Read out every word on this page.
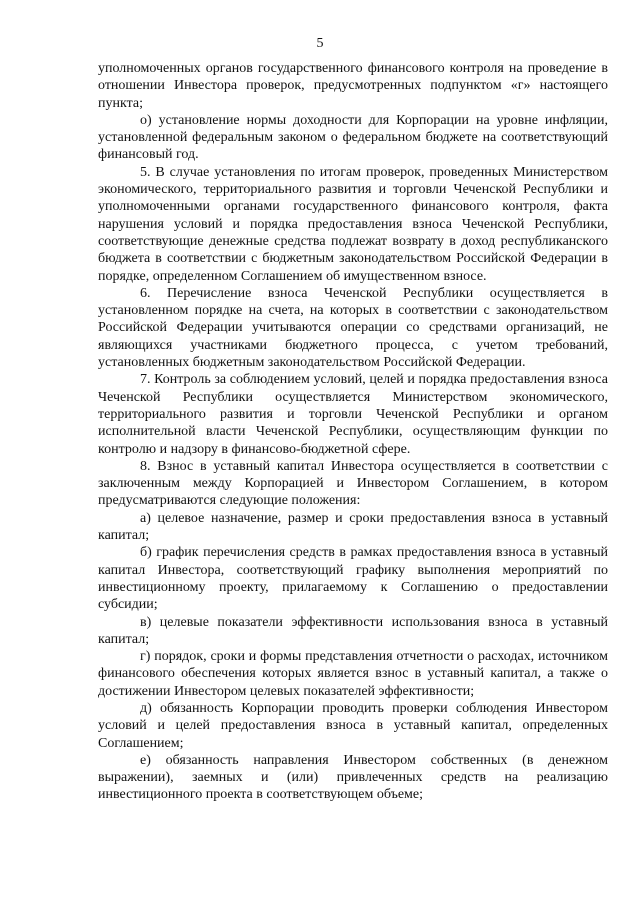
5

уполномоченных органов государственного финансового контроля на проведение в отношении Инвестора проверок, предусмотренных подпунктом «г» настоящего пункта;

о) установление нормы доходности для Корпорации на уровне инфляции, установленной федеральным законом о федеральном бюджете на соответствующий финансовый год.

5. В случае установления по итогам проверок, проведенных Министерством экономического, территориального развития и торговли Чеченской Республики и уполномоченными органами государственного финансового контроля, факта нарушения условий и порядка предоставления взноса Чеченской Республики, соответствующие денежные средства подлежат возврату в доход республиканского бюджета в соответствии с бюджетным законодательством Российской Федерации в порядке, определенном Соглашением об имущественном взносе.

6. Перечисление взноса Чеченской Республики осуществляется в установленном порядке на счета, на которых в соответствии с законодательством Российской Федерации учитываются операции со средствами организаций, не являющихся участниками бюджетного процесса, с учетом требований, установленных бюджетным законодательством Российской Федерации.

7. Контроль за соблюдением условий, целей и порядка предоставления взноса Чеченской Республики осуществляется Министерством экономического, территориального развития и торговли Чеченской Республики и органом исполнительной власти Чеченской Республики, осуществляющим функции по контролю и надзору в финансово-бюджетной сфере.

8. Взнос в уставный капитал Инвестора осуществляется в соответствии с заключенным между Корпорацией и Инвестором Соглашением, в котором предусматриваются следующие положения:

а) целевое назначение, размер и сроки предоставления взноса в уставный капитал;

б) график перечисления средств в рамках предоставления взноса в уставный капитал Инвестора, соответствующий графику выполнения мероприятий по инвестиционному проекту, прилагаемому к Соглашению о предоставлении субсидии;

в) целевые показатели эффективности использования взноса в уставный капитал;

г) порядок, сроки и формы представления отчетности о расходах, источником финансового обеспечения которых является взнос в уставный капитал, а также о достижении Инвестором целевых показателей эффективности;

д) обязанность Корпорации проводить проверки соблюдения Инвестором условий и целей предоставления взноса в уставный капитал, определенных Соглашением;

е) обязанность направления Инвестором собственных (в денежном выражении), заемных и (или) привлеченных средств на реализацию инвестиционного проекта в соответствующем объеме;
